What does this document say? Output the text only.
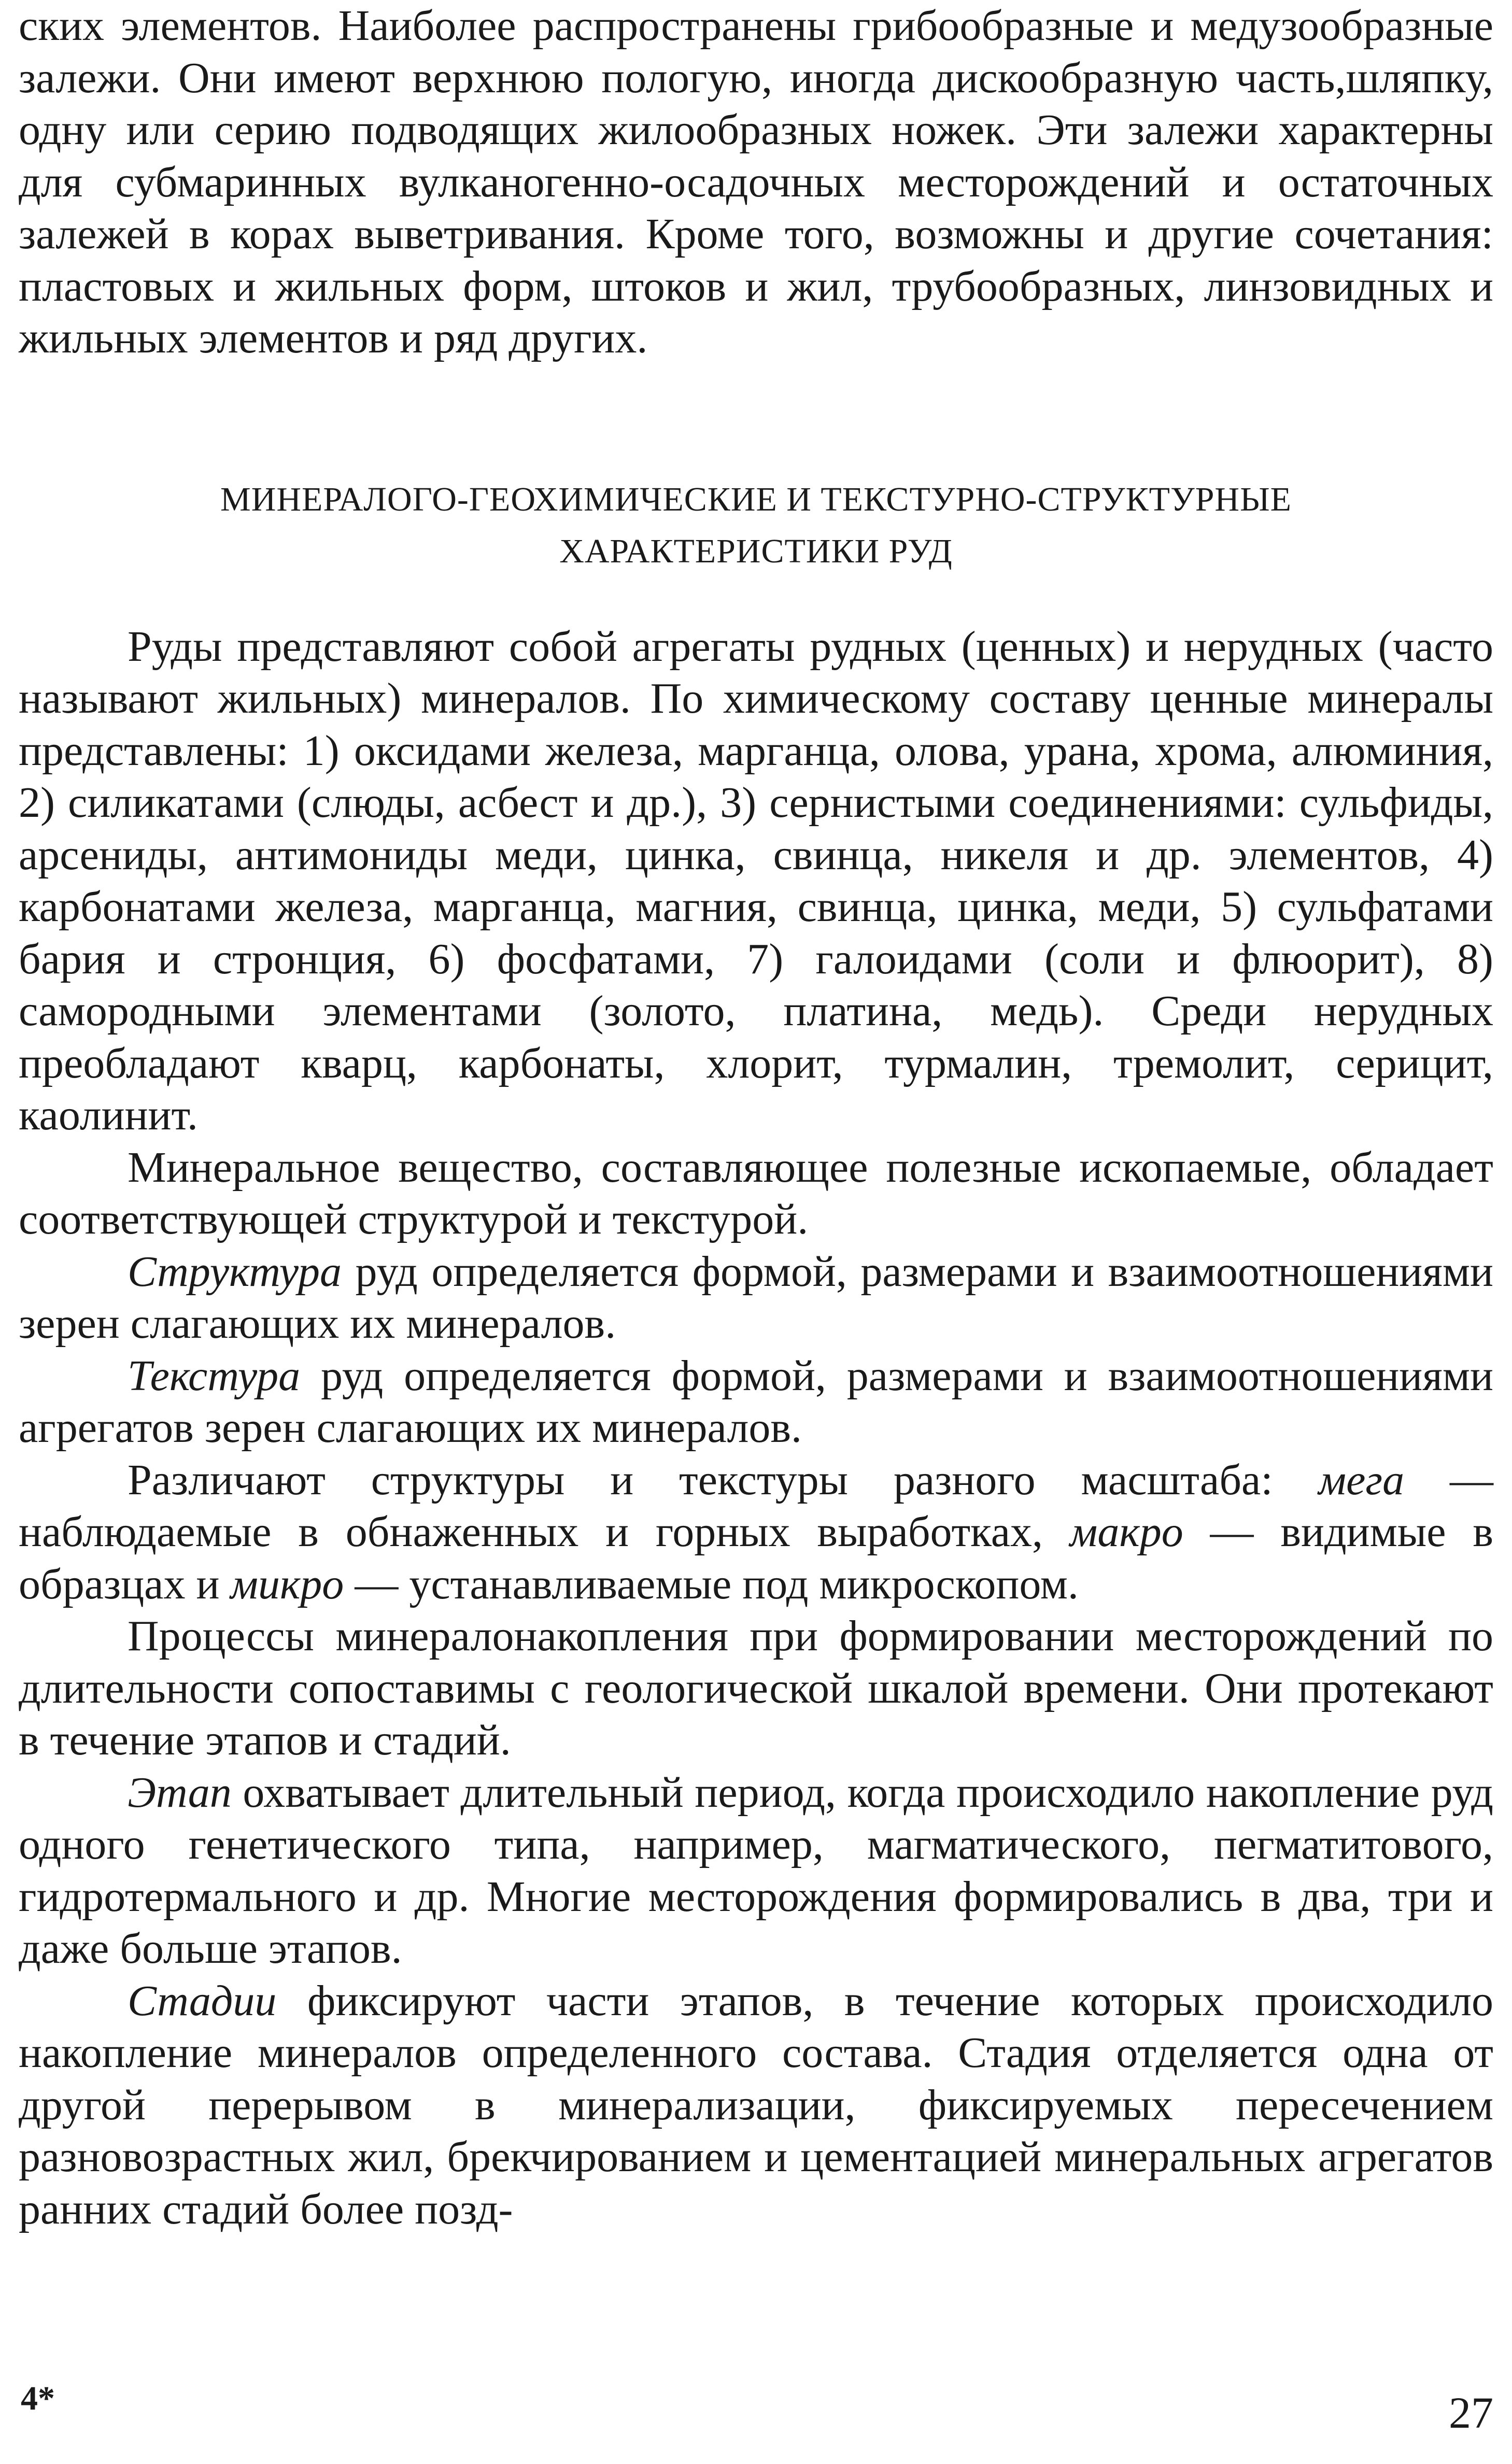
ских элементов. Наиболее распространены грибообразные и медузообразные залежи. Они имеют верхнюю пологую, иногда дискообразную часть,шляпку, одну или серию подводящих жилообразных ножек. Эти залежи характерны для субмаринных вулканогенно-осадочных месторождений и остаточных залежей в корах выветривания. Кроме того, возможны и другие сочетания: пластовых и жильных форм, штоков и жил, трубообразных, линзовидных и жильных элементов и ряд других.

МИНЕРАЛОГО-ГЕОХИМИЧЕСКИЕ И ТЕКСТУРНО-СТРУКТУРНЫЕ
ХАРАКТЕРИСТИКИ РУД

Руды представляют собой агрегаты рудных (ценных) и нерудных (часто называют жильных) минералов. По химическому составу ценные минералы представлены: 1) оксидами железа, марганца, олова, урана, хрома, алюминия, 2) силикатами (слюды, асбест и др.), 3) сернистыми соединениями: сульфиды, арсениды, антимониды меди, цинка, свинца, никеля и др. элементов, 4) карбонатами железа, марганца, магния, свинца, цинка, меди, 5) сульфатами бария и стронция, 6) фосфатами, 7) галоидами (соли и флюорит), 8) самородными элементами (золото, платина, медь). Среди нерудных преобладают кварц, карбонаты, хлорит, турмалин, тремолит, серицит, каолинит.

Минеральное вещество, составляющее полезные ископаемые, обладает соответствующей структурой и текстурой.

Структура руд определяется формой, размерами и взаимоотношениями зерен слагающих их минералов.

Текстура руд определяется формой, размерами и взаимоотношениями агрегатов зерен слагающих их минералов.

Различают структуры и текстуры разного масштаба: мега — наблюдаемые в обнаженных и горных выработках, макро — видимые в образцах и микро — устанавливаемые под микроскопом.

Процессы минералонакопления при формировании месторождений по длительности сопоставимы с геологической шкалой времени. Они протекают в течение этапов и стадий.

Этап охватывает длительный период, когда происходило накопление руд одного генетического типа, например, магматического, пегматитового, гидротермального и др. Многие месторождения формировались в два, три и даже больше этапов.

Стадии фиксируют части этапов, в течение которых происходило накопление минералов определенного состава. Стадия отделяется одна от другой перерывом в минерализации, фиксируемых пересечением разновозрастных жил, брекчированием и цементацией минеральных агрегатов ранних стадий более позд-

4*	27
